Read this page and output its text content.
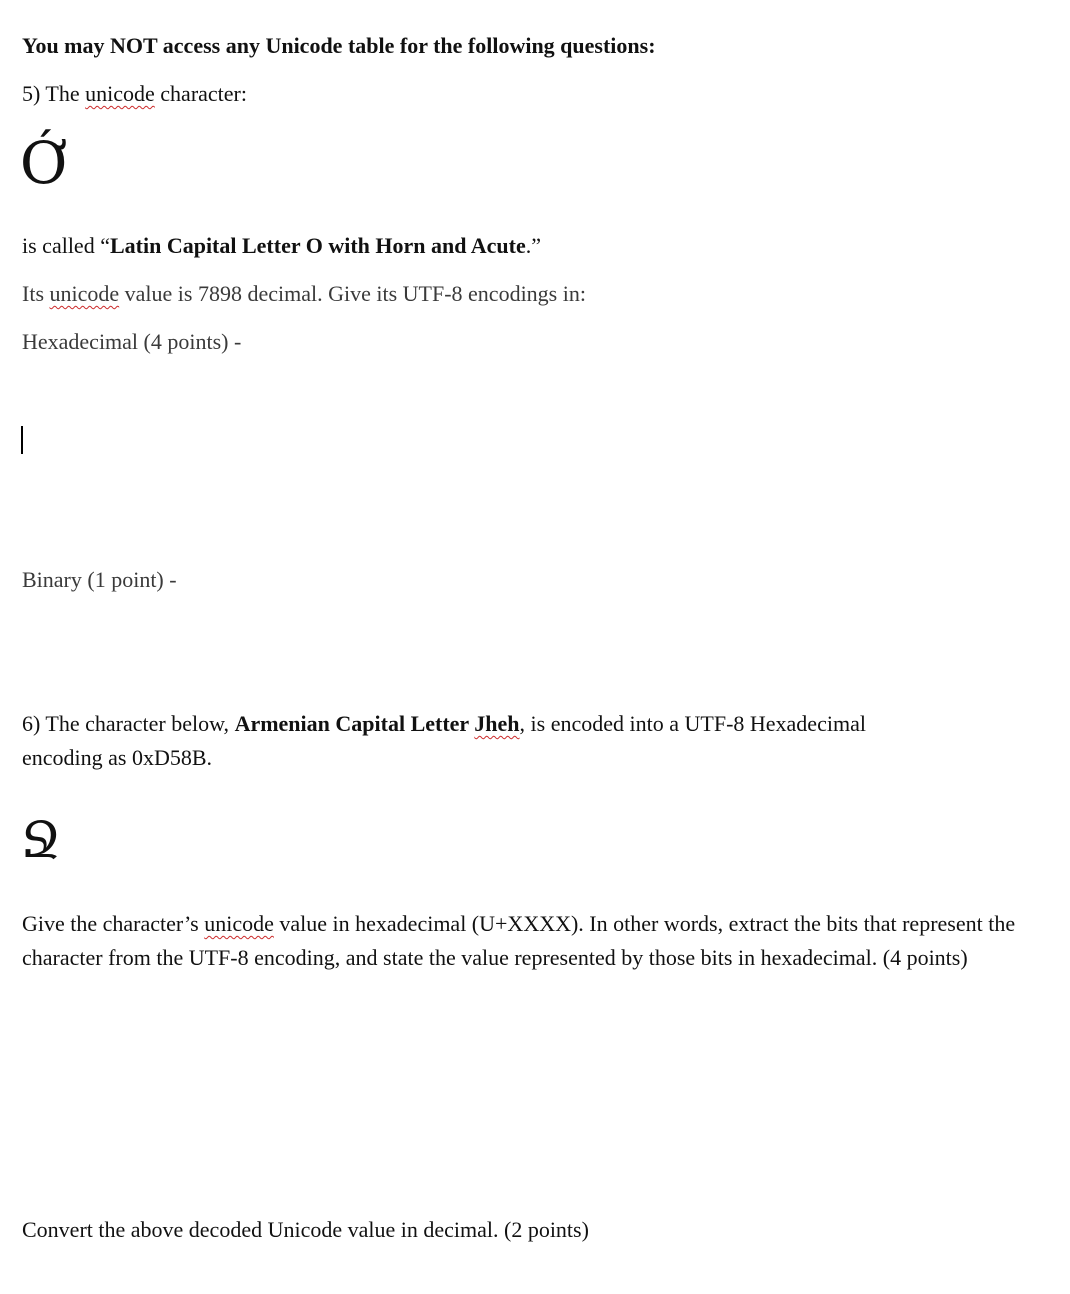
You may NOT access any Unicode table for the following questions:
5) The unicode character:
Ớ
is called “Latin Capital Letter O with Horn and Acute.”
Its unicode value is 7898 decimal. Give its UTF-8 encodings in:
Hexadecimal (4 points) -
Binary (1 point) -
6) The character below, Armenian Capital Letter Jheh, is encoded into a UTF-8 Hexadecimal
encoding as 0xD58B.
Ջ
Give the character’s unicode value in hexadecimal (U+XXXX). In other words, extract the bits that represent the character from the UTF-8 encoding, and state the value represented by those bits in hexadecimal. (4 points)
Convert the above decoded Unicode value in decimal. (2 points)
